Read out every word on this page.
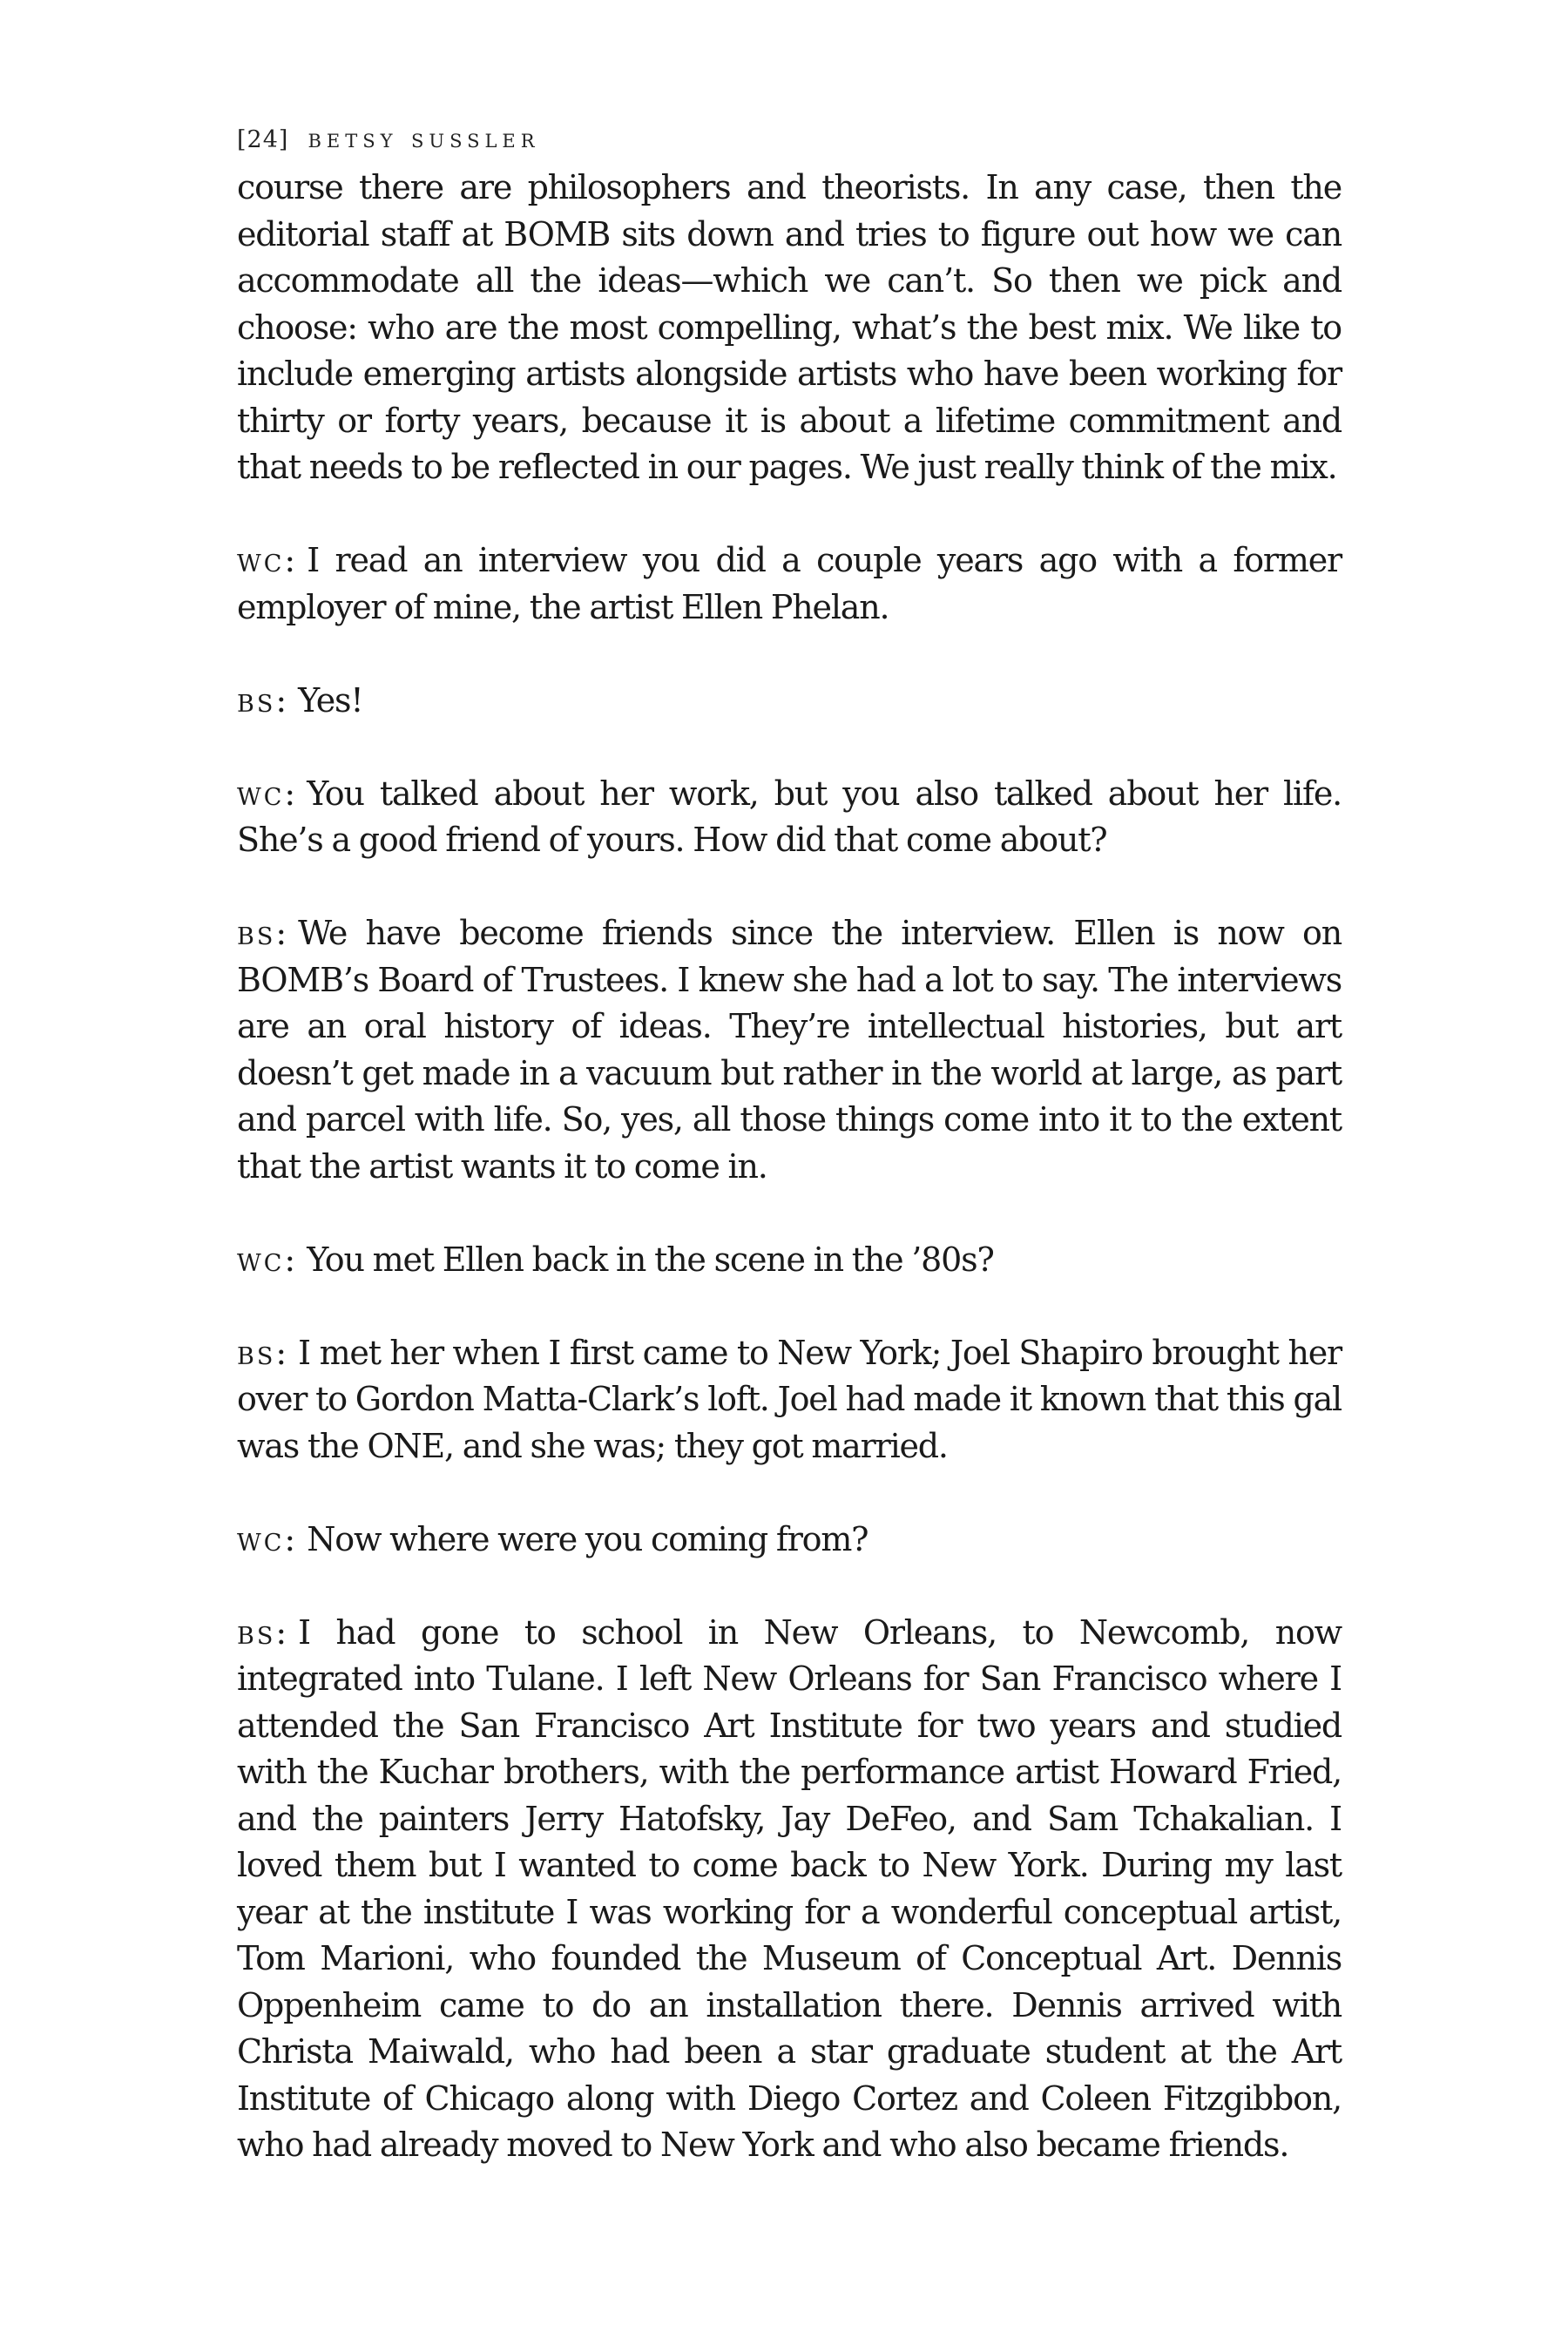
[24] betsy sussler

course there are philosophers and theorists. In any case, then the editorial staff at BOMB sits down and tries to figure out how we can accommodate all the ideas—which we can’t. So then we pick and choose: who are the most compelling, what’s the best mix. We like to include emerging artists alongside artists who have been working for thirty or forty years, because it is about a lifetime commitment and that needs to be reflected in our pages. We just really think of the mix.

wc: I read an interview you did a couple years ago with a former employer of mine, the artist Ellen Phelan.

bs: Yes!

wc: You talked about her work, but you also talked about her life. She’s a good friend of yours. How did that come about?

bs: We have become friends since the interview. Ellen is now on BOMB’s Board of Trustees. I knew she had a lot to say. The interviews are an oral history of ideas. They’re intellectual histories, but art doesn’t get made in a vacuum but rather in the world at large, as part and parcel with life. So, yes, all those things come into it to the extent that the artist wants it to come in.

wc: You met Ellen back in the scene in the ’80s?

bs: I met her when I first came to New York; Joel Shapiro brought her over to Gordon Matta-Clark’s loft. Joel had made it known that this gal was the ONE, and she was; they got married.

wc: Now where were you coming from?

bs: I had gone to school in New Orleans, to Newcomb, now integrated into Tulane. I left New Orleans for San Francisco where I attended the San Francisco Art Institute for two years and studied with the Kuchar brothers, with the performance artist Howard Fried, and the painters Jerry Hatofsky, Jay DeFeo, and Sam Tchakalian. I loved them but I wanted to come back to New York. During my last year at the institute I was working for a wonderful conceptual artist, Tom Marioni, who founded the Museum of Conceptual Art. Dennis Oppenheim came to do an installation there. Dennis arrived with Christa Maiwald, who had been a star graduate student at the Art Institute of Chicago along with Diego Cortez and Coleen Fitzgibbon, who had already moved to New York and who also became friends.
